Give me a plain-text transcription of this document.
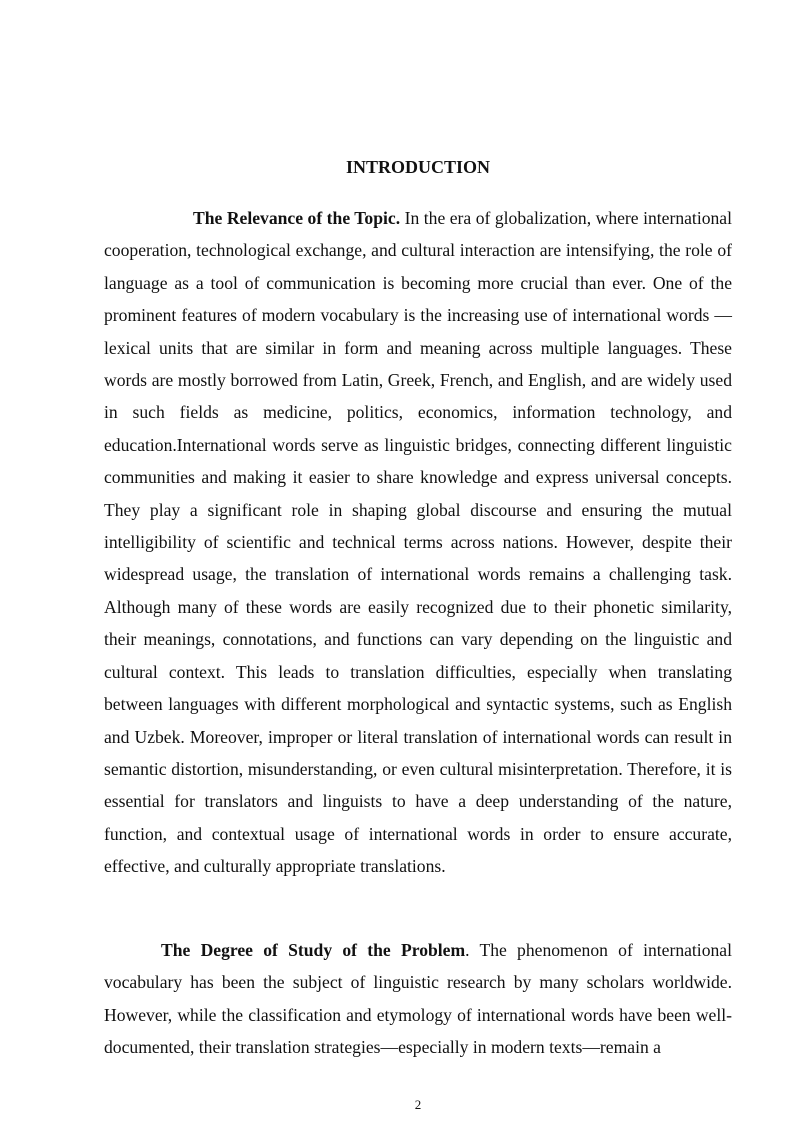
INTRODUCTION

The Relevance of the Topic. In the era of globalization, where international cooperation, technological exchange, and cultural interaction are intensifying, the role of language as a tool of communication is becoming more crucial than ever. One of the prominent features of modern vocabulary is the increasing use of international words — lexical units that are similar in form and meaning across multiple languages. These words are mostly borrowed from Latin, Greek, French, and English, and are widely used in such fields as medicine, politics, economics, information technology, and education.International words serve as linguistic bridges, connecting different linguistic communities and making it easier to share knowledge and express universal concepts. They play a significant role in shaping global discourse and ensuring the mutual intelligibility of scientific and technical terms across nations. However, despite their widespread usage, the translation of international words remains a challenging task. Although many of these words are easily recognized due to their phonetic similarity, their meanings, connotations, and functions can vary depending on the linguistic and cultural context. This leads to translation difficulties, especially when translating between languages with different morphological and syntactic systems, such as English and Uzbek. Moreover, improper or literal translation of international words can result in semantic distortion, misunderstanding, or even cultural misinterpretation. Therefore, it is essential for translators and linguists to have a deep understanding of the nature, function, and contextual usage of international words in order to ensure accurate, effective, and culturally appropriate translations.

The Degree of Study of the Problem. The phenomenon of international vocabulary has been the subject of linguistic research by many scholars worldwide. However, while the classification and etymology of international words have been well-documented, their translation strategies—especially in modern texts—remain a

2
